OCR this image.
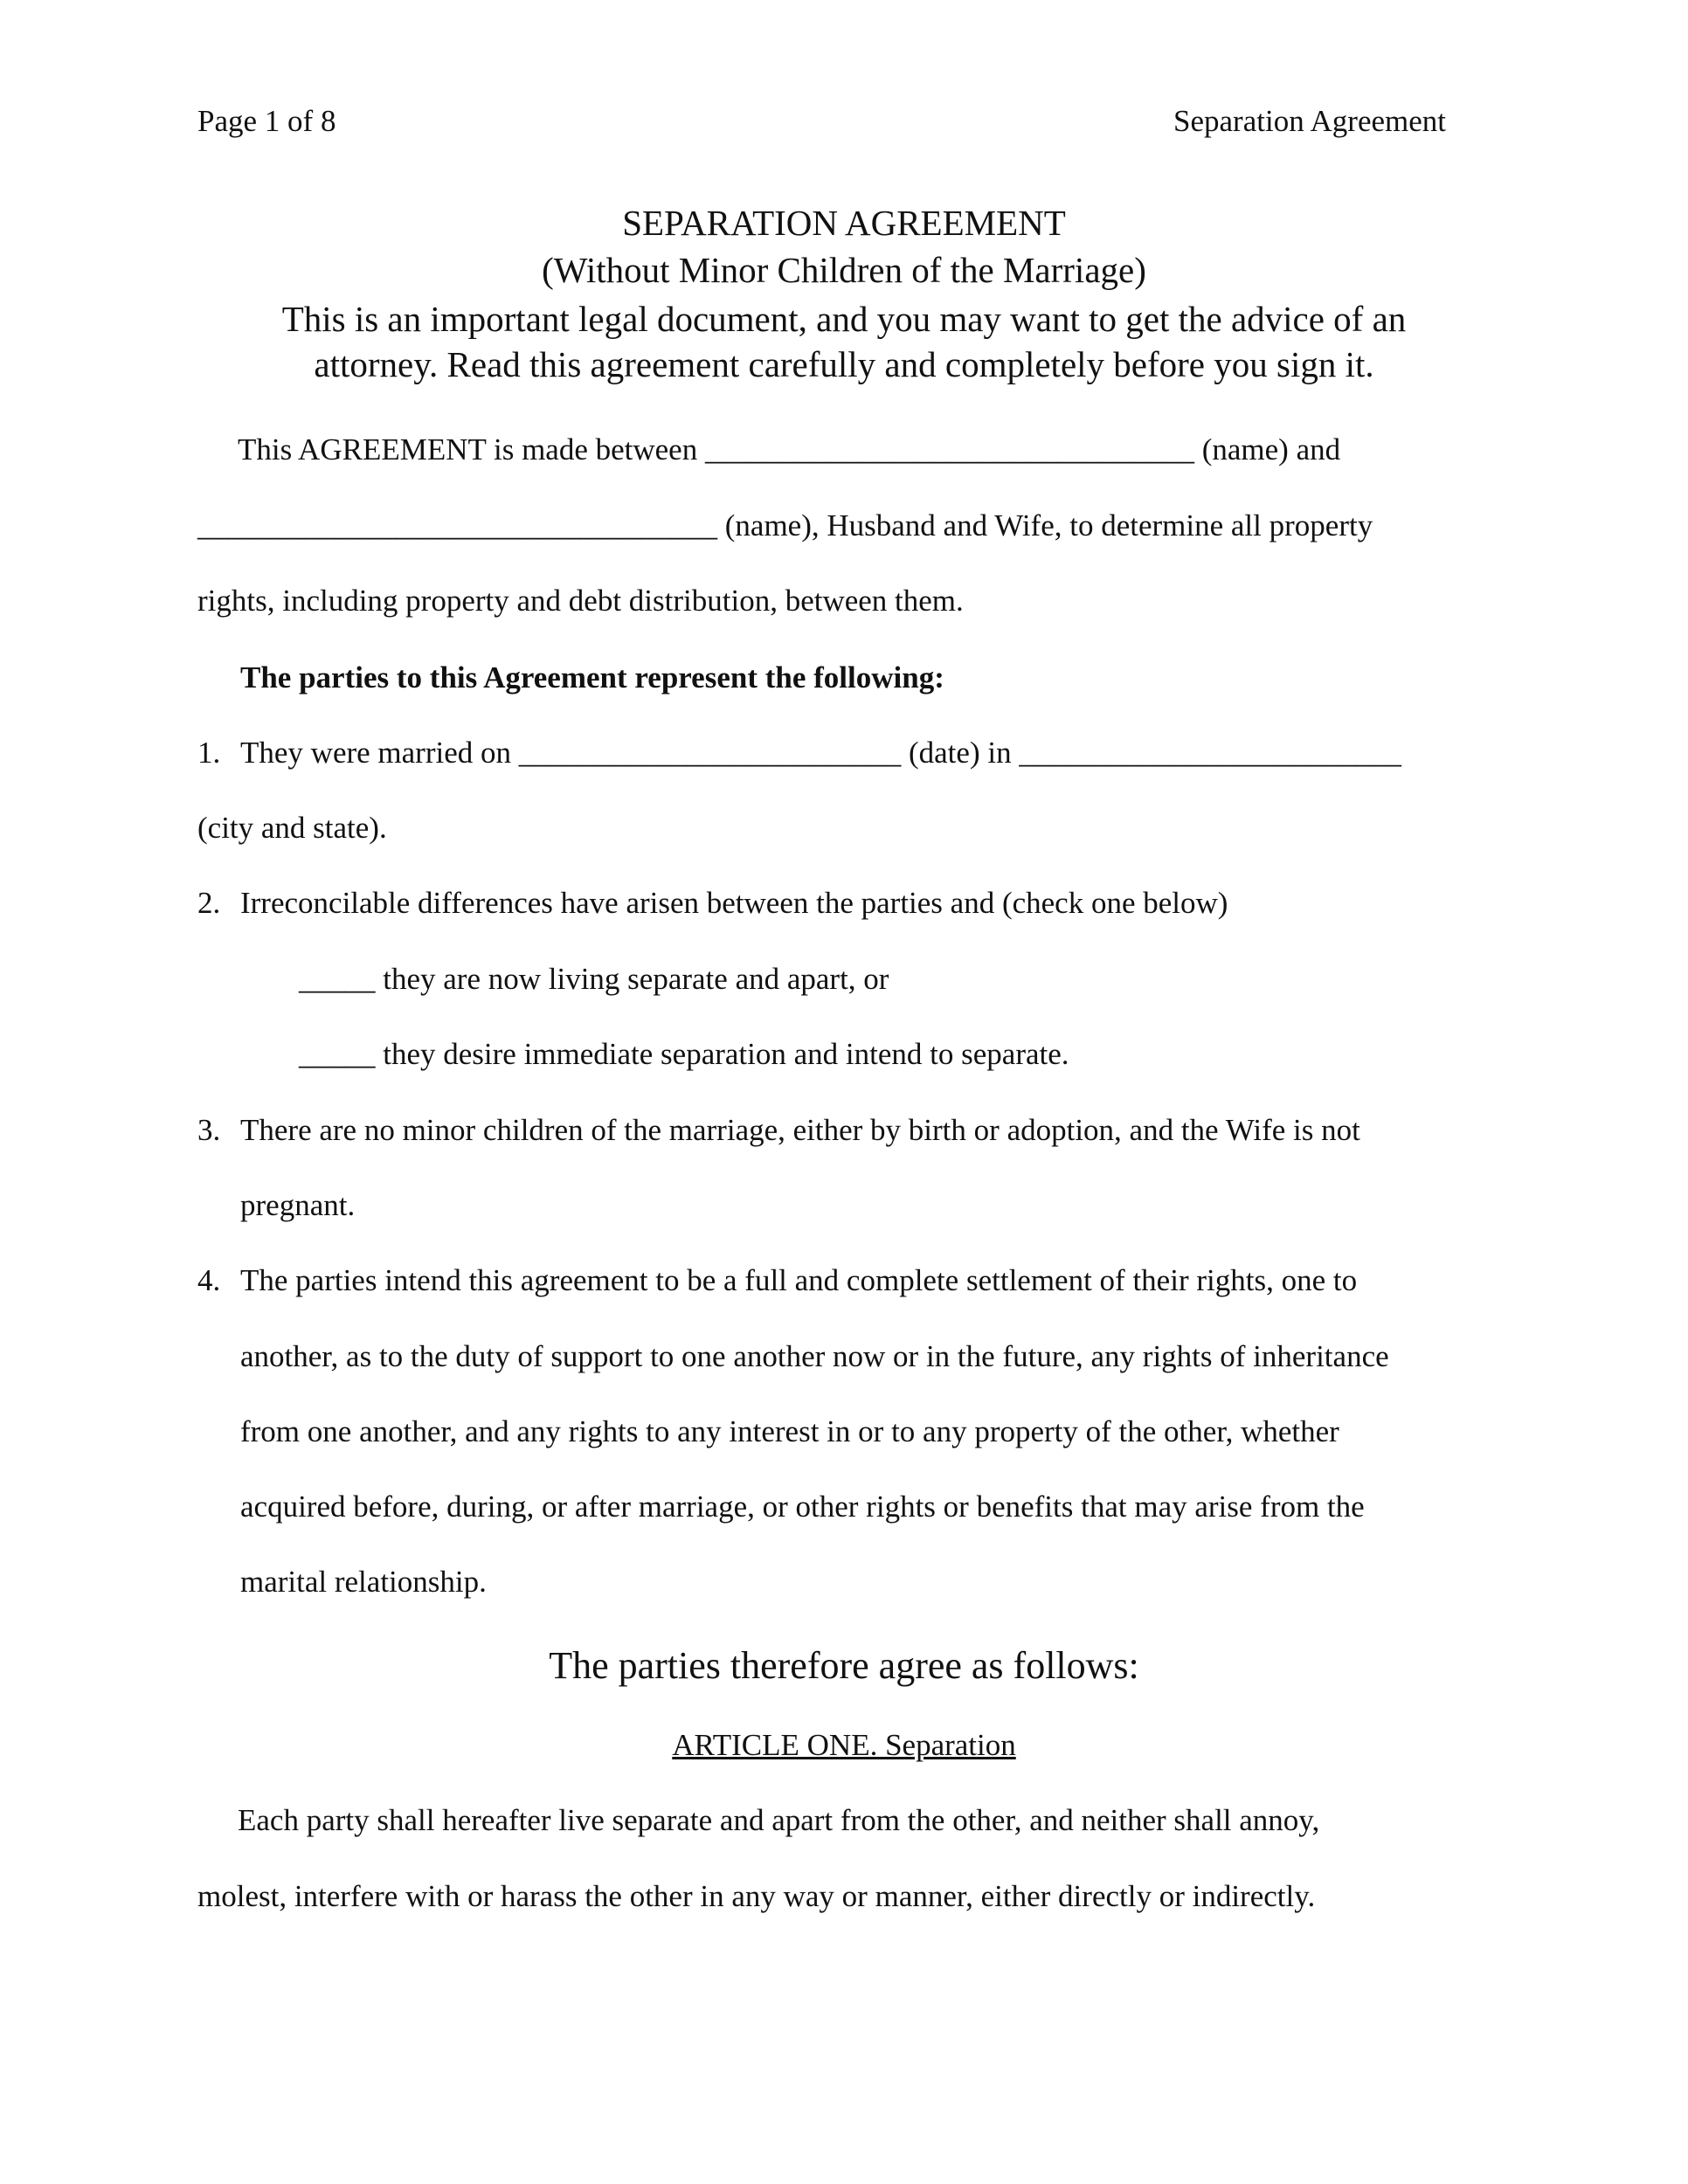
Page 1 of 8	Separation Agreement
SEPARATION AGREEMENT
(Without Minor Children of the Marriage)
This is an important legal document, and you may want to get the advice of an
attorney. Read this agreement carefully and completely before you sign it.
This AGREEMENT is made between ________________________________ (name) and
__________________________________ (name), Husband and Wife, to determine all property
rights, including property and debt distribution, between them.
The parties to this Agreement represent the following:
1. They were married on _________________________ (date) in _________________________
(city and state).
2. Irreconcilable differences have arisen between the parties and (check one below)
_____ they are now living separate and apart, or
_____ they desire immediate separation and intend to separate.
3. There are no minor children of the marriage, either by birth or adoption, and the Wife is not
pregnant.
4. The parties intend this agreement to be a full and complete settlement of their rights, one to
another, as to the duty of support to one another now or in the future, any rights of inheritance
from one another, and any rights to any interest in or to any property of the other, whether
acquired before, during, or after marriage, or other rights or benefits that may arise from the
marital relationship.
The parties therefore agree as follows:
ARTICLE ONE. Separation
Each party shall hereafter live separate and apart from the other, and neither shall annoy,
molest, interfere with or harass the other in any way or manner, either directly or indirectly.
